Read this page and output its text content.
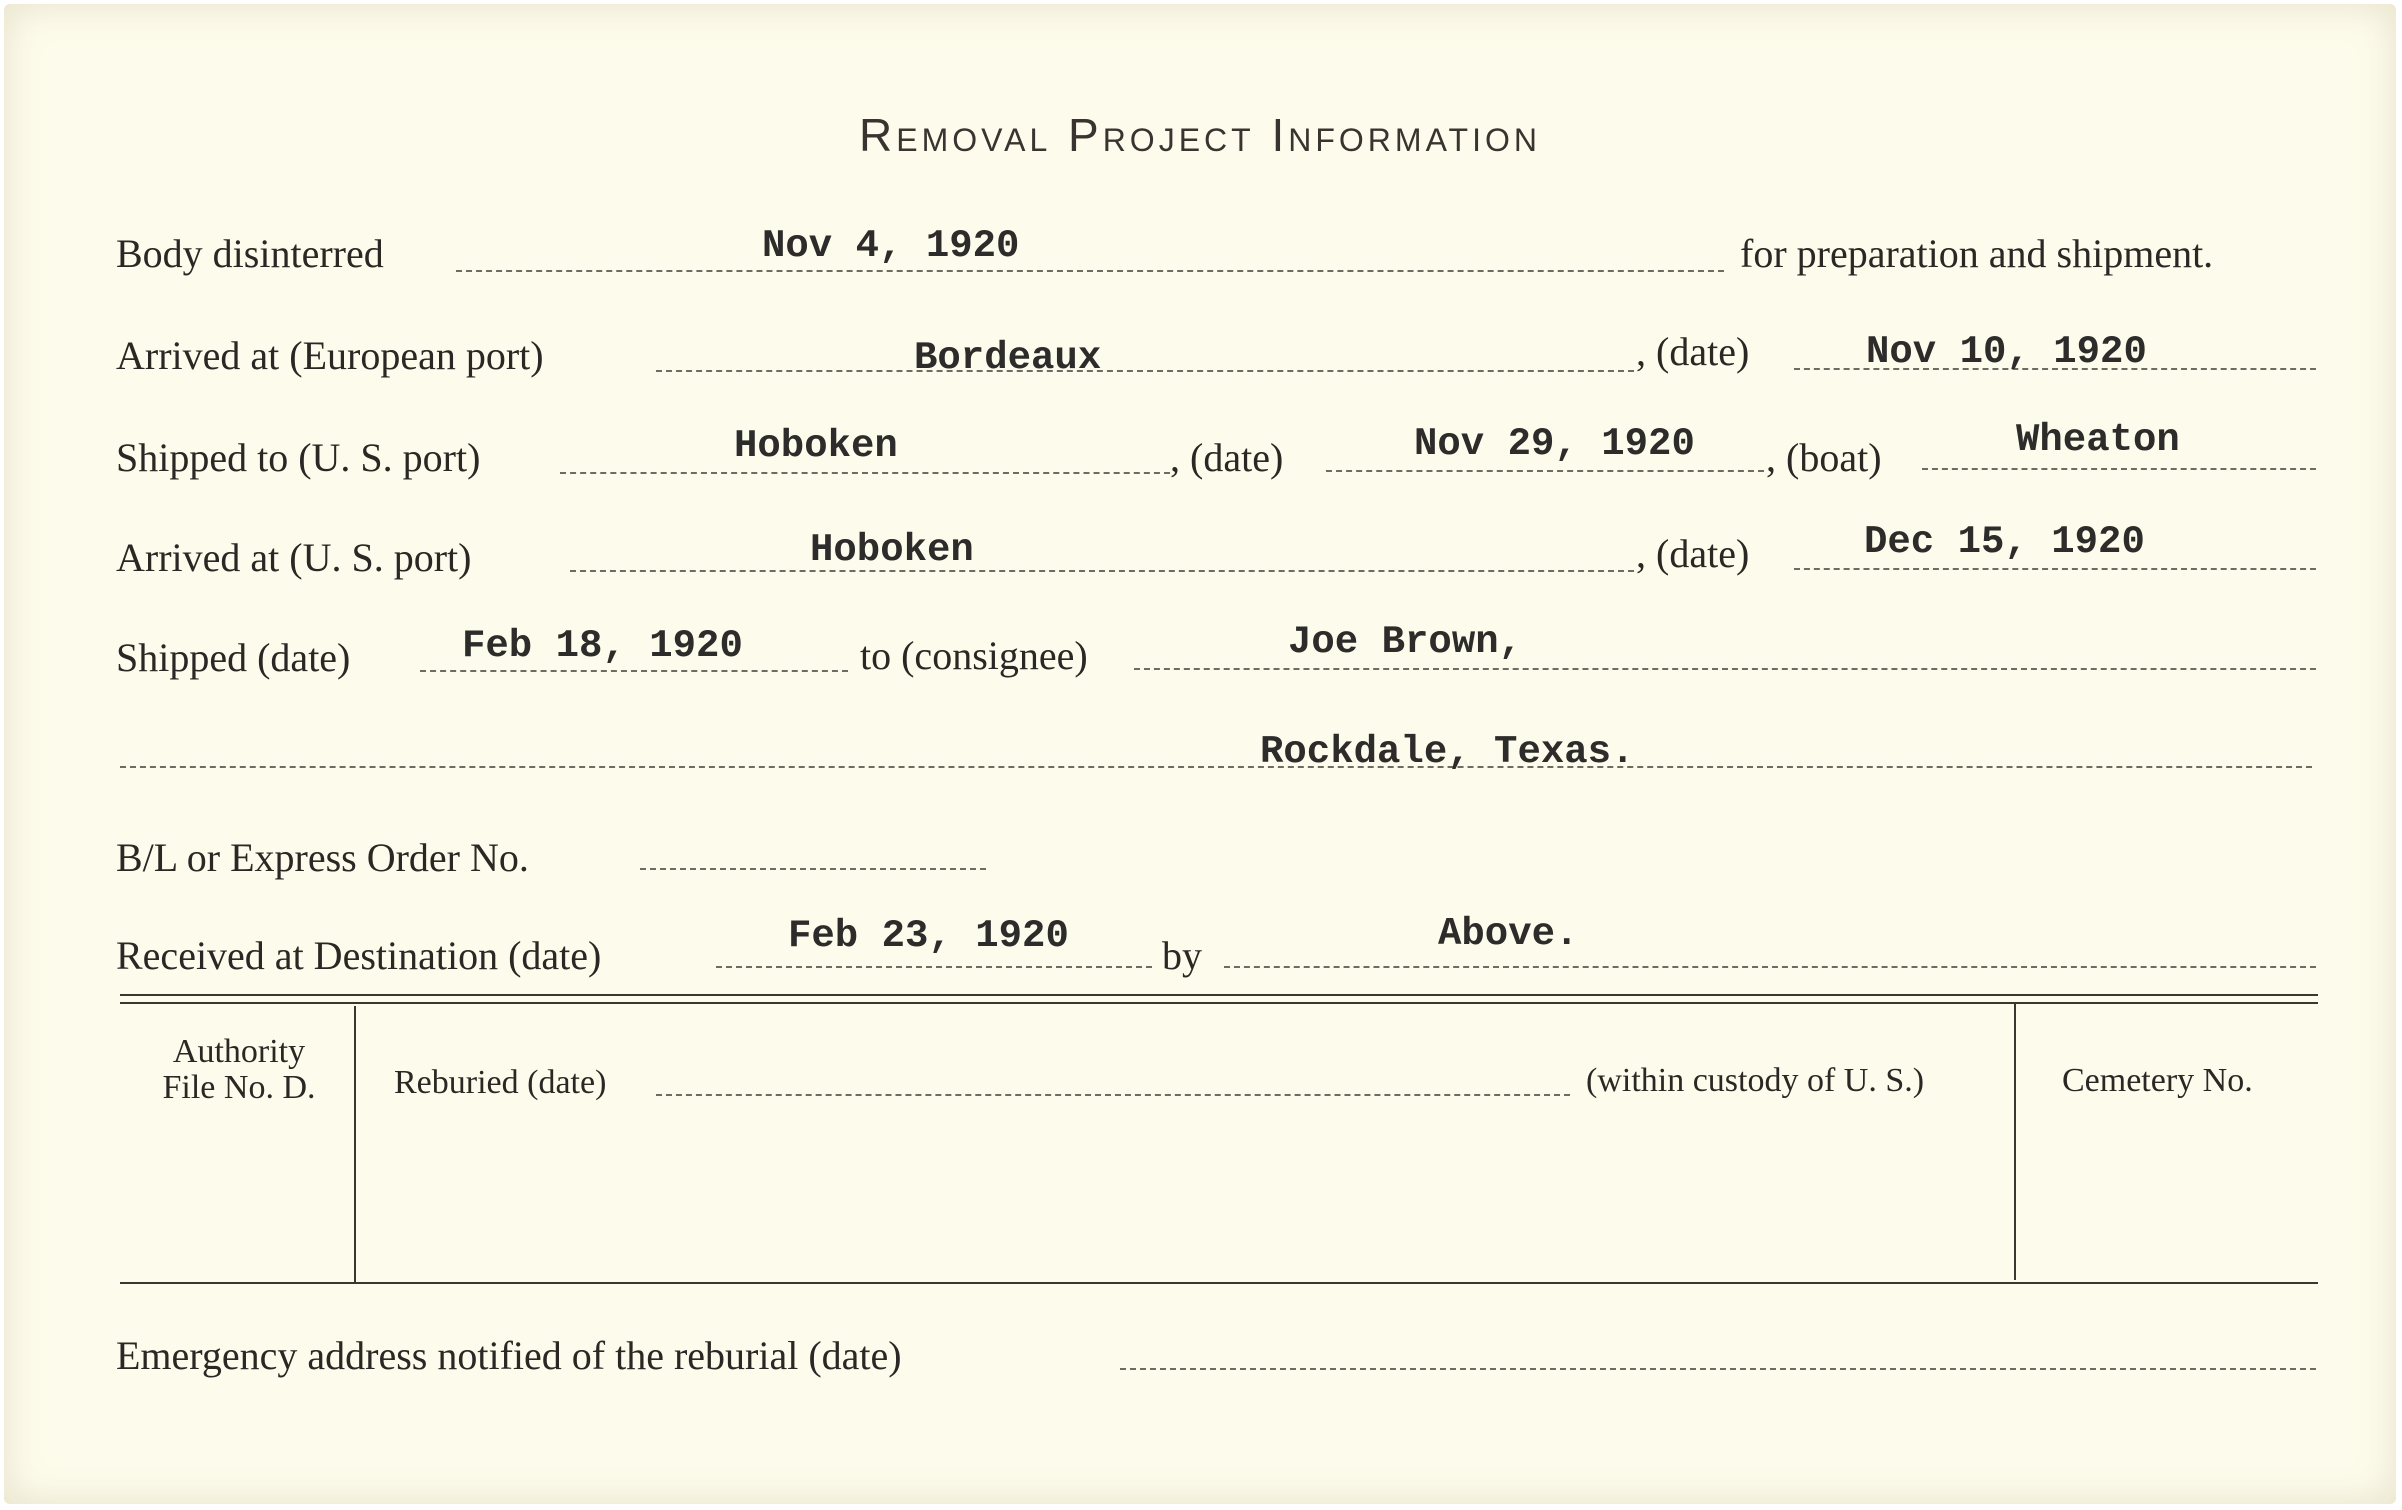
Removal Project Information
Body disinterred	Nov 4, 1920	for preparation and shipment.
Arrived at (European port)	Bordeaux	, (date)	Nov 10, 1920
Shipped to (U. S. port)	Hoboken	, (date)	Nov 29, 1920 , (boat)	Wheaton
Arrived at (U. S. port)	Hoboken	, (date)	Dec 15, 1920
Shipped (date)	Feb 18, 1920	to (consignee)	Joe Brown,
Rockdale, Texas.
B/L or Express Order No.
Received at Destination (date)	Feb 23, 1920 by	Above.
Authority
File No. D.	Reburied (date)	(within custody of U. S.)	Cemetery No.
Emergency address notified of the reburial (date)
